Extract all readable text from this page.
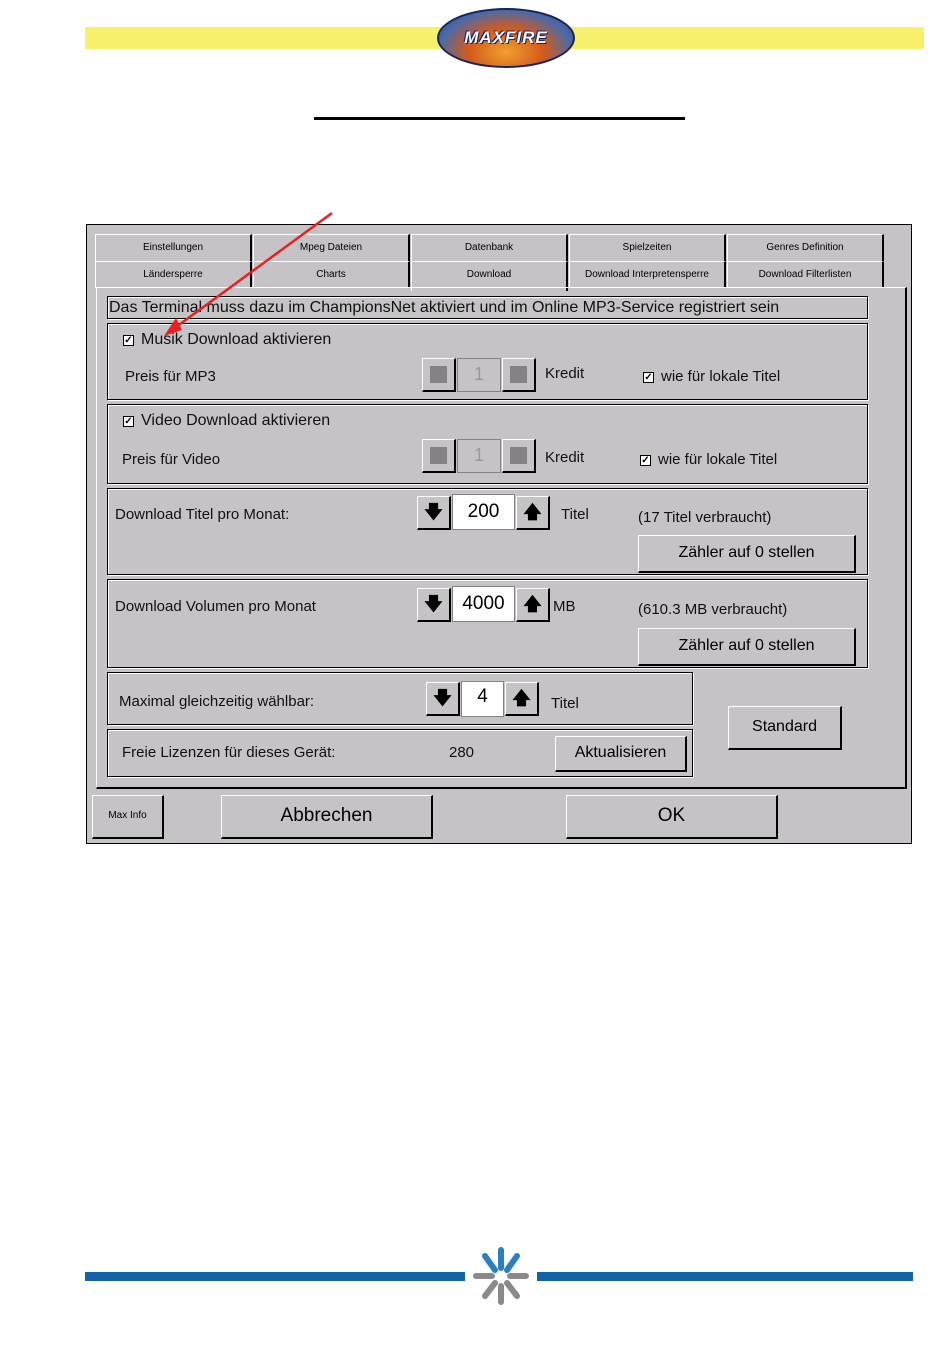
MAXFIRE
Einstellungen	Mpeg Dateien	Datenbank	Spielzeiten	Genres Definition
Ländersperre	Charts	Download	Download Interpretensperre	Download Filterlisten
Das Terminal muss dazu im ChampionsNet aktiviert und im Online MP3-Service registriert sein
✓ Musik Download aktivieren
Preis für MP3	1	Kredit	✓ wie für lokale Titel
✓ Video Download aktivieren
Preis für Video	1	Kredit	✓ wie für lokale Titel
Download Titel pro Monat:	🡇	200	🡅	Titel	(17 Titel verbraucht)
Zähler auf 0 stellen
Download Volumen pro Monat	🡇	4000	🡅 MB	(610.3 MB verbraucht)
Zähler auf 0 stellen
Maximal gleichzeitig wählbar:	🡇	4	🡅	Titel
Freie Lizenzen für dieses Gerät:	280	Aktualisieren
Standard
Max Info	Abbrechen	OK
